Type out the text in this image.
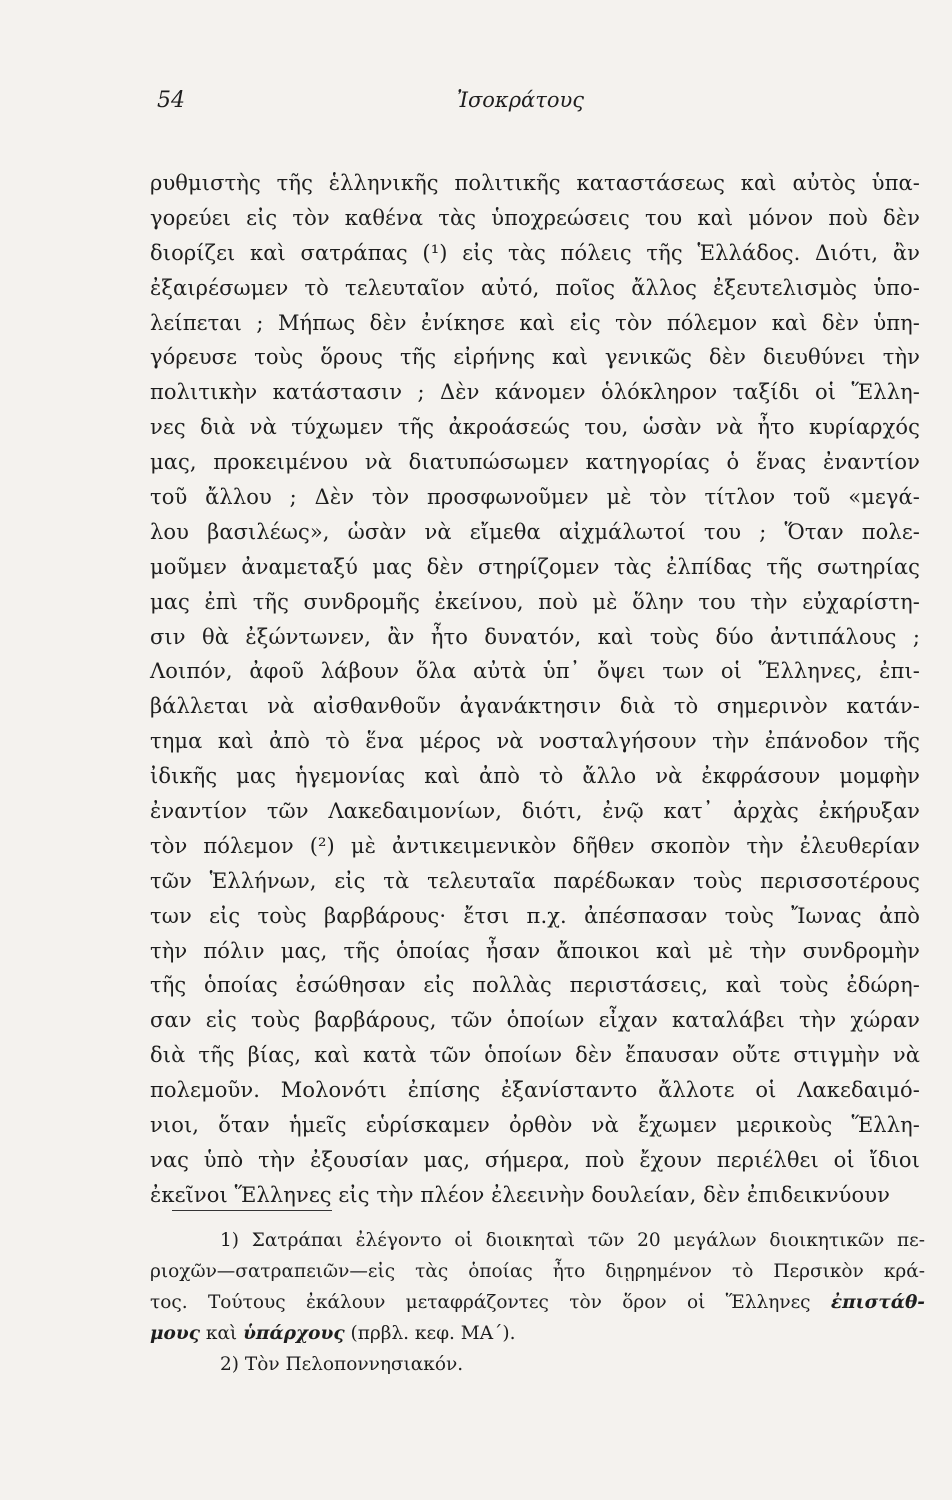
54	Ἰσοκράτους
ρυθμιστὴς τῆς ἑλληνικῆς πολιτικῆς καταστάσεως καὶ αὐτὸς ὑπα-
γορεύει εἰς τὸν καθένα τὰς ὑποχρεώσεις του καὶ μόνον ποὺ δὲν
διορίζει καὶ σατράπας (¹) εἰς τὰς πόλεις τῆς Ἑλλάδος. Διότι, ἂν
ἐξαιρέσωμεν τὸ τελευταῖον αὐτό, ποῖος ἄλλος ἐξευτελισμὸς ὑπο-
λείπεται ; Μήπως δὲν ἐνίκησε καὶ εἰς τὸν πόλεμον καὶ δὲν ὑπη-
γόρευσε τοὺς ὅρους τῆς εἰρήνης καὶ γενικῶς δὲν διευθύνει τὴν
πολιτικὴν κατάστασιν ; Δὲν κάνομεν ὁλόκληρον ταξίδι οἱ Ἕλλη-
νες διὰ νὰ τύχωμεν τῆς ἀκροάσεώς του, ὡσὰν νὰ ἦτο κυρίαρχός
μας, προκειμένου νὰ διατυπώσωμεν κατηγορίας ὁ ἕνας ἐναντίον
τοῦ ἄλλου ; Δὲν τὸν προσφωνοῦμεν μὲ τὸν τίτλον τοῦ «μεγά-
λου βασιλέως», ὡσὰν νὰ εἴμεθα αἰχμάλωτοί του ; Ὅταν πολε-
μοῦμεν ἀναμεταξύ μας δὲν στηρίζομεν τὰς ἐλπίδας τῆς σωτηρίας
μας ἐπὶ τῆς συνδρομῆς ἐκείνου, ποὺ μὲ ὅλην του τὴν εὐχαρίστη-
σιν θὰ ἐξώντωνεν, ἂν ἦτο δυνατόν, καὶ τοὺς δύο ἀντιπάλους ;
Λοιπόν, ἀφοῦ λάβουν ὅλα αὐτὰ ὑπ᾽ ὄψει των οἱ Ἕλληνες, ἐπι-
βάλλεται νὰ αἰσθανθοῦν ἀγανάκτησιν διὰ τὸ σημερινὸν κατάν-
τημα καὶ ἀπὸ τὸ ἕνα μέρος νὰ νοσταλγήσουν τὴν ἐπάνοδον τῆς
ἰδικῆς μας ἡγεμονίας καὶ ἀπὸ τὸ ἄλλο νὰ ἐκφράσουν μομφὴν
ἐναντίον τῶν Λακεδαιμονίων, διότι, ἐνῷ κατ᾽ ἀρχὰς ἐκήρυξαν
τὸν πόλεμον (²) μὲ ἀντικειμενικὸν δῆθεν σκοπὸν τὴν ἐλευθερίαν
τῶν Ἑλλήνων, εἰς τὰ τελευταῖα παρέδωκαν τοὺς περισσοτέρους
των εἰς τοὺς βαρβάρους· ἔτσι π.χ. ἀπέσπασαν τοὺς Ἴωνας ἀπὸ
τὴν πόλιν μας, τῆς ὁποίας ἦσαν ἄποικοι καὶ μὲ τὴν συνδρομὴν
τῆς ὁποίας ἐσώθησαν εἰς πολλὰς περιστάσεις, καὶ τοὺς ἐδώρη-
σαν εἰς τοὺς βαρβάρους, τῶν ὁποίων εἶχαν καταλάβει τὴν χώραν
διὰ τῆς βίας, καὶ κατὰ τῶν ὁποίων δὲν ἔπαυσαν οὔτε στιγμὴν νὰ
πολεμοῦν. Μολονότι ἐπίσης ἐξανίσταντο ἄλλοτε οἱ Λακεδαιμό-
νιοι, ὅταν ἡμεῖς εὑρίσκαμεν ὀρθὸν νὰ ἔχωμεν μερικοὺς Ἕλλη-
νας ὑπὸ τὴν ἐξουσίαν μας, σήμερα, ποὺ ἔχουν περιέλθει οἱ ἴδιοι
ἐκεῖνοι Ἕλληνες εἰς τὴν πλέον ἐλεεινὴν δουλείαν, δὲν ἐπιδεικνύουν
1) Σατράπαι ἐλέγοντο οἱ διοικηταὶ τῶν 20 μεγάλων διοικητικῶν πε-
ριοχῶν—σατραπειῶν—εἰς τὰς ὁποίας ἦτο διῃρημένον τὸ Περσικὸν κρά-
τος. Τούτους ἐκάλουν μεταφράζοντες τὸν ὅρον οἱ Ἕλληνες ἐπιστάθ-
μους καὶ ὑπάρχους (πρβλ. κεφ. ΜΑ΄).
2) Τὸν Πελοποννησιακόν.
